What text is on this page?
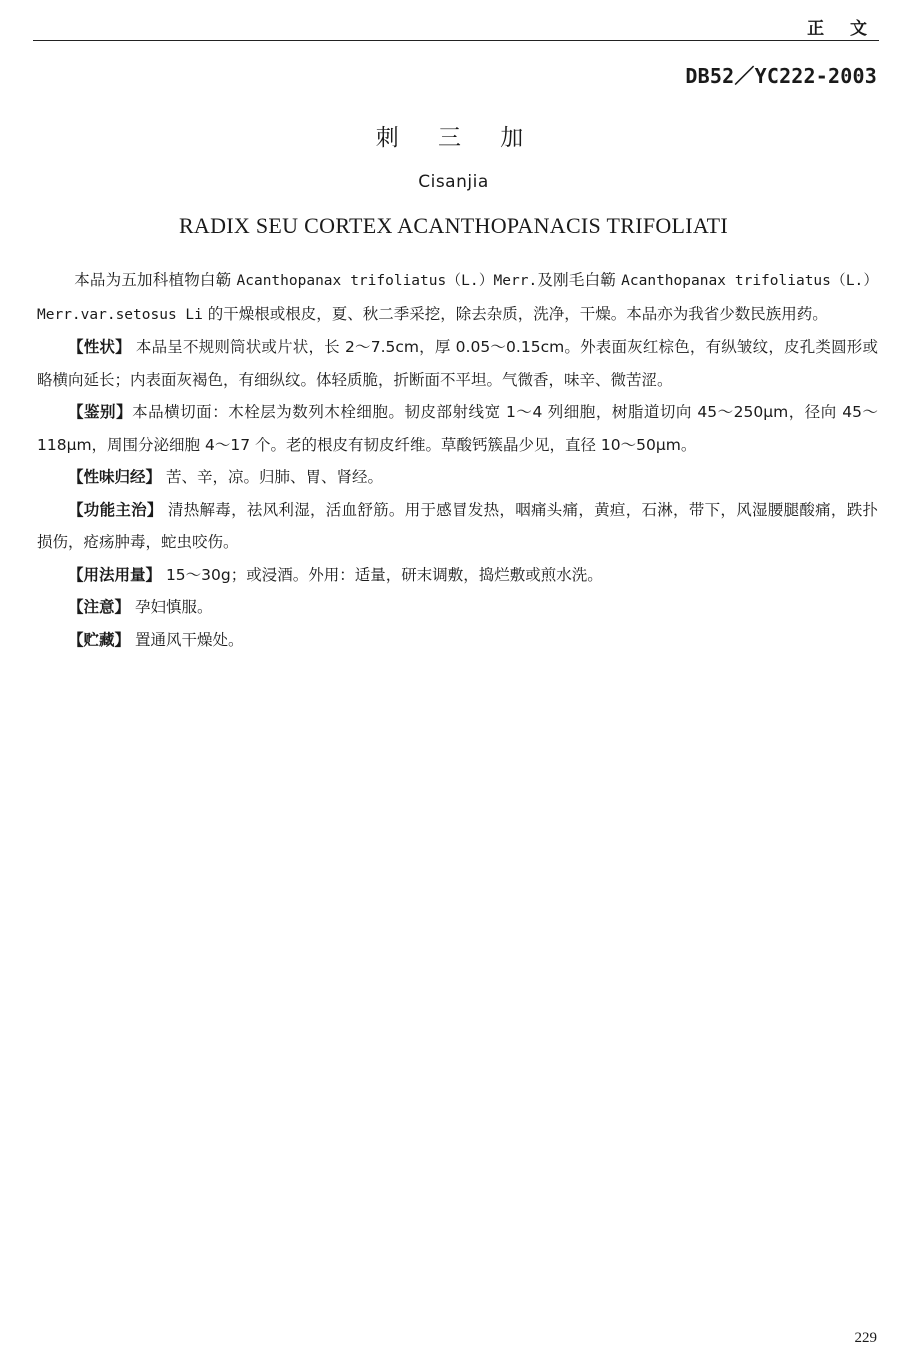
正 文
DB52／YC222-2003
刺 三 加
Cisanjia
RADIX SEU CORTEX ACANTHOPANACIS TRIFOLIATI

本品为五加科植物白簕 Acanthopanax trifoliatus（L.）Merr.及刚毛白簕 Acanthopanax trifoliatus（L.）Merr.var.setosus Li 的干燥根或根皮，夏、秋二季采挖，除去杂质，洗净，干燥。本品亦为我省少数民族用药。

【性状】 本品呈不规则筒状或片状，长 2～7.5cm，厚 0.05～0.15cm。外表面灰红棕色，有纵皱纹，皮孔类圆形或略横向延长；内表面灰褐色，有细纵纹。体轻质脆，折断面不平坦。气微香，味辛、微苦涩。

【鉴别】本品横切面：木栓层为数列木栓细胞。韧皮部射线宽 1～4 列细胞，树脂道切向 45～250μm，径向 45～118μm，周围分泌细胞 4～17 个。老的根皮有韧皮纤维。草酸钙簇晶少见，直径 10～50μm。

【性味归经】 苦、辛，凉。归肺、胃、肾经。

【功能主治】 清热解毒，祛风利湿，活血舒筋。用于感冒发热，咽痛头痛，黄疸，石淋，带下，风湿腰腿酸痛，跌扑损伤，疮疡肿毒，蛇虫咬伤。

【用法用量】 15～30g；或浸酒。外用：适量，研末调敷，捣烂敷或煎水洗。

【注意】 孕妇慎服。

【贮藏】 置通风干燥处。

229
